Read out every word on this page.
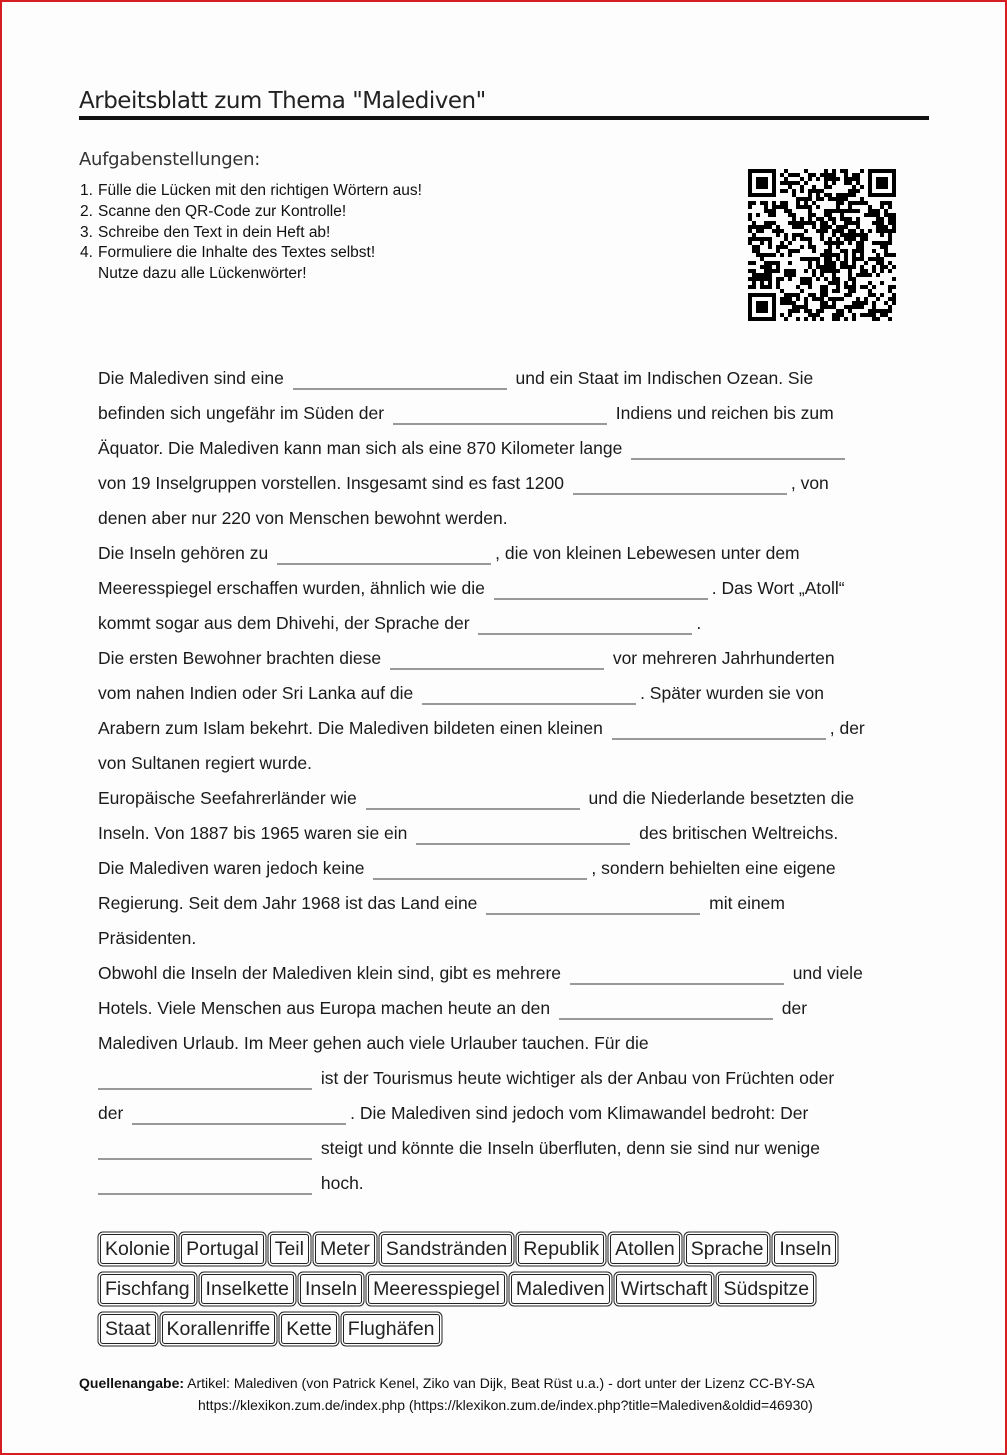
Arbeitsblatt zum Thema "Malediven"
Aufgabenstellungen:
1. Fülle die Lücken mit den richtigen Wörtern aus!
2. Scanne den QR-Code zur Kontrolle!
3. Schreibe den Text in dein Heft ab!
4. Formuliere die Inhalte des Textes selbst!
Nutze dazu alle Lückenwörter!
Die Malediven sind eine	und ein Staat im Indischen Ozean. Sie
befinden sich ungefähr im Süden der	Indiens und reichen bis zum
Äquator. Die Malediven kann man sich als eine 870 Kilometer lange
von 19 Inselgruppen vorstellen. Insgesamt sind es fast 1200	, von
denen aber nur 220 von Menschen bewohnt werden.
Die Inseln gehören zu	, die von kleinen Lebewesen unter dem
Meeresspiegel erschaffen wurden, ähnlich wie die	. Das Wort „Atoll“
kommt sogar aus dem Dhivehi, der Sprache der	.
Die ersten Bewohner brachten diese	vor mehreren Jahrhunderten
vom nahen Indien oder Sri Lanka auf die	. Später wurden sie von
Arabern zum Islam bekehrt. Die Malediven bildeten einen kleinen	, der
von Sultanen regiert wurde.
Europäische Seefahrerländer wie	und die Niederlande besetzten die
Inseln. Von 1887 bis 1965 waren sie ein	des britischen Weltreichs.
Die Malediven waren jedoch keine	, sondern behielten eine eigene
Regierung. Seit dem Jahr 1968 ist das Land eine	mit einem
Präsidenten.
Obwohl die Inseln der Malediven klein sind, gibt es mehrere	und viele
Hotels. Viele Menschen aus Europa machen heute an den	der
Malediven Urlaub. Im Meer gehen auch viele Urlauber tauchen. Für die
ist der Tourismus heute wichtiger als der Anbau von Früchten oder
der	. Die Malediven sind jedoch vom Klimawandel bedroht: Der
steigt und könnte die Inseln überfluten, denn sie sind nur wenige
hoch.
Kolonie Portugal Teil Meter Sandstränden Republik Atollen Sprache Inseln
Fischfang Inselkette Inseln Meeresspiegel Malediven Wirtschaft Südspitze
Staat Korallenriffe Kette Flughäfen
Quellenangabe: Artikel: Malediven (von Patrick Kenel, Ziko van Dijk, Beat Rüst u.a.) - dort unter der Lizenz CC-BY-SA
https://klexikon.zum.de/index.php (https://klexikon.zum.de/index.php?title=Malediven&oldid=46930)
